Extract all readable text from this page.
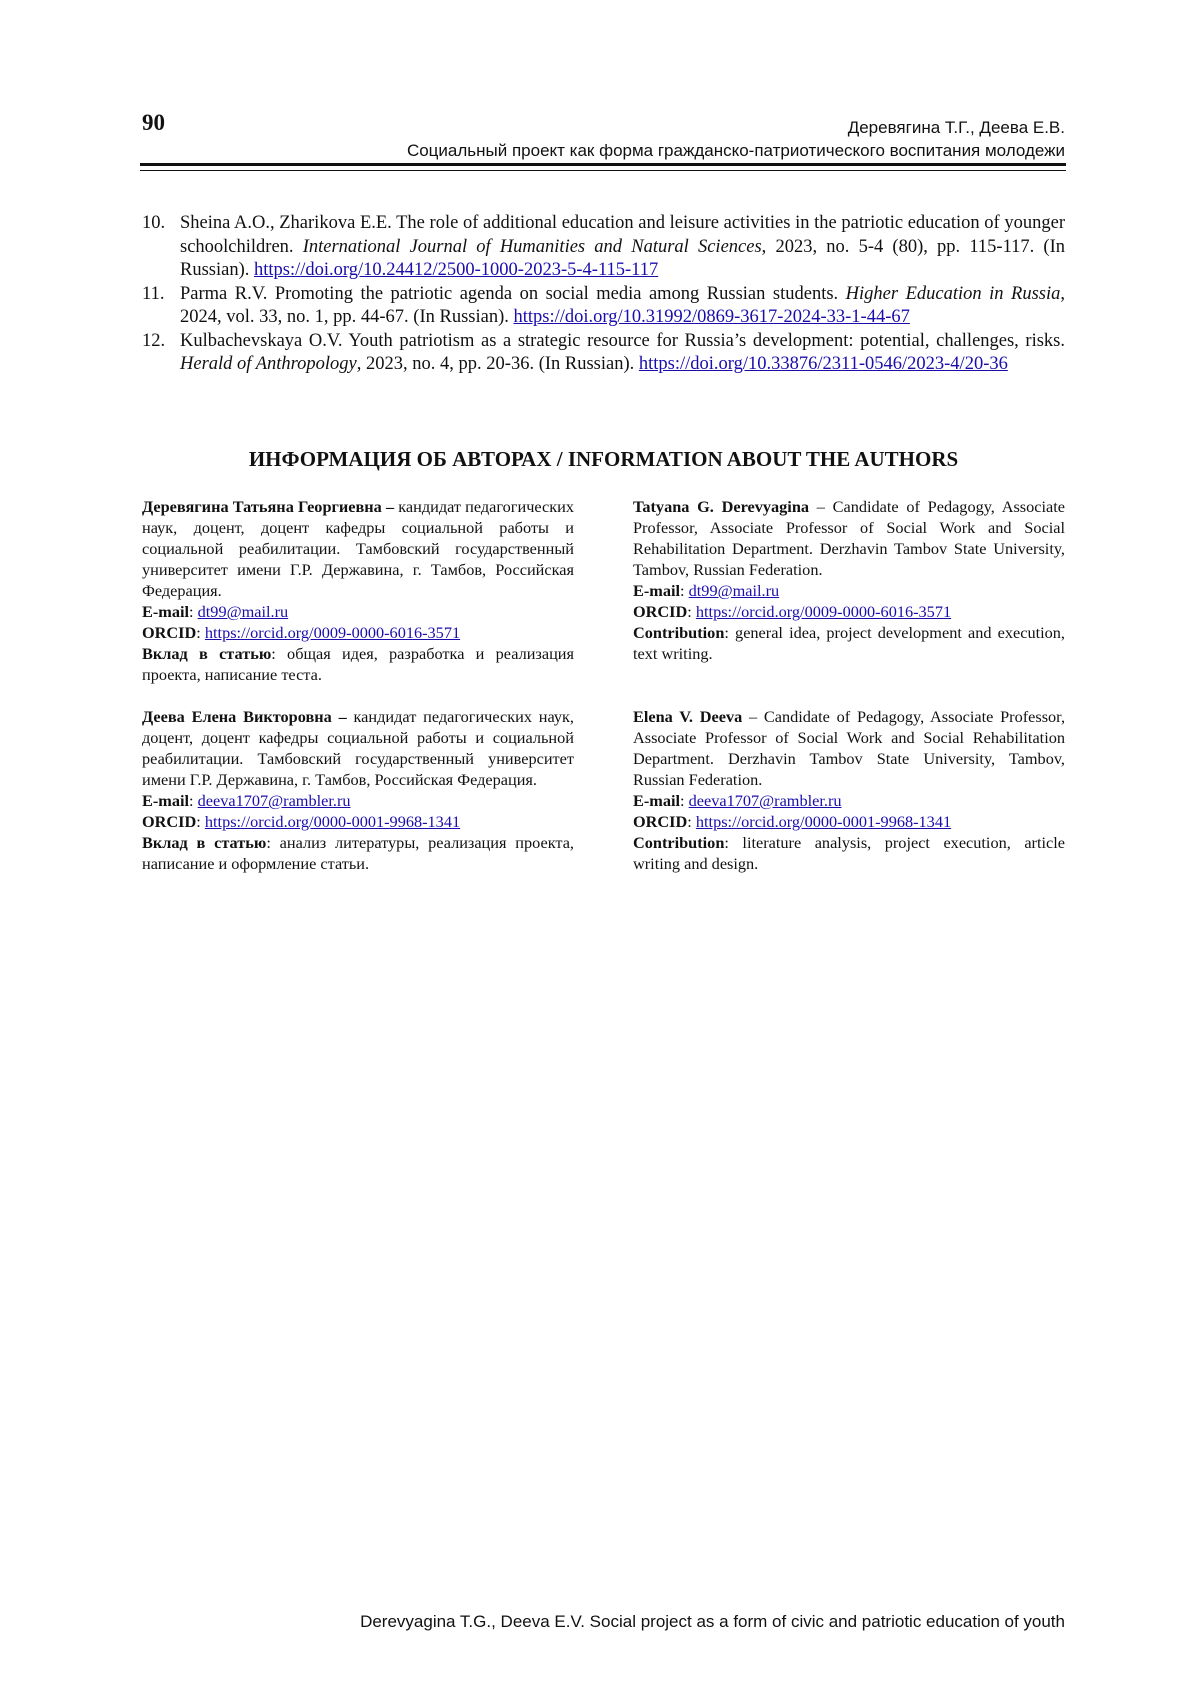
90	Деревягина Т.Г., Деева Е.В.
Социальный проект как форма гражданско-патриотического воспитания молодежи
10. Sheina A.O., Zharikova E.E. The role of additional education and leisure activities in the patriotic education of younger schoolchildren. International Journal of Humanities and Natural Sciences, 2023, no. 5-4 (80), pp. 115-117. (In Russian). https://doi.org/10.24412/2500-1000-2023-5-4-115-117
11. Parma R.V. Promoting the patriotic agenda on social media among Russian students. Higher Education in Russia, 2024, vol. 33, no. 1, pp. 44-67. (In Russian). https://doi.org/10.31992/0869-3617-2024-33-1-44-67
12. Kulbachevskaya O.V. Youth patriotism as a strategic resource for Russia’s development: potential, challenges, risks. Herald of Anthropology, 2023, no. 4, pp. 20-36. (In Russian). https://doi.org/10.33876/2311-0546/2023-4/20-36
ИНФОРМАЦИЯ ОБ АВТОРАХ / INFORMATION ABOUT THE AUTHORS
Деревягина Татьяна Георгиевна – кандидат педагогических наук, доцент, доцент кафедры социальной работы и социальной реабилитации. Тамбовский государственный университет имени Г.Р. Державина, г. Тамбов, Российская Федерация.
E-mail: dt99@mail.ru
ORCID: https://orcid.org/0009-0000-6016-3571
Вклад в статью: общая идея, разработка и реализация проекта, написание теста.
Деева Елена Викторовна – кандидат педагогических наук, доцент, доцент кафедры социальной работы и социальной реабилитации. Тамбовский государственный университет имени Г.Р. Державина, г. Тамбов, Российская Федерация.
E-mail: deeva1707@rambler.ru
ORCID: https://orcid.org/0000-0001-9968-1341
Вклад в статью: анализ литературы, реализация проекта, написание и оформление статьи.
Tatyana G. Derevyagina – Candidate of Pedagogy, Associate Professor, Associate Professor of Social Work and Social Rehabilitation Department. Derzhavin Tambov State University, Tambov, Russian Federation.
E-mail: dt99@mail.ru
ORCID: https://orcid.org/0009-0000-6016-3571
Contribution: general idea, project development and execution, text writing.
Elena V. Deeva – Candidate of Pedagogy, Associate Professor, Associate Professor of Social Work and Social Rehabilitation Department. Derzhavin Tambov State University, Tambov, Russian Federation.
E-mail: deeva1707@rambler.ru
ORCID: https://orcid.org/0000-0001-9968-1341
Contribution: literature analysis, project execution, article writing and design.
Derevyagina T.G., Deeva E.V. Social project as a form of civic and patriotic education of youth
